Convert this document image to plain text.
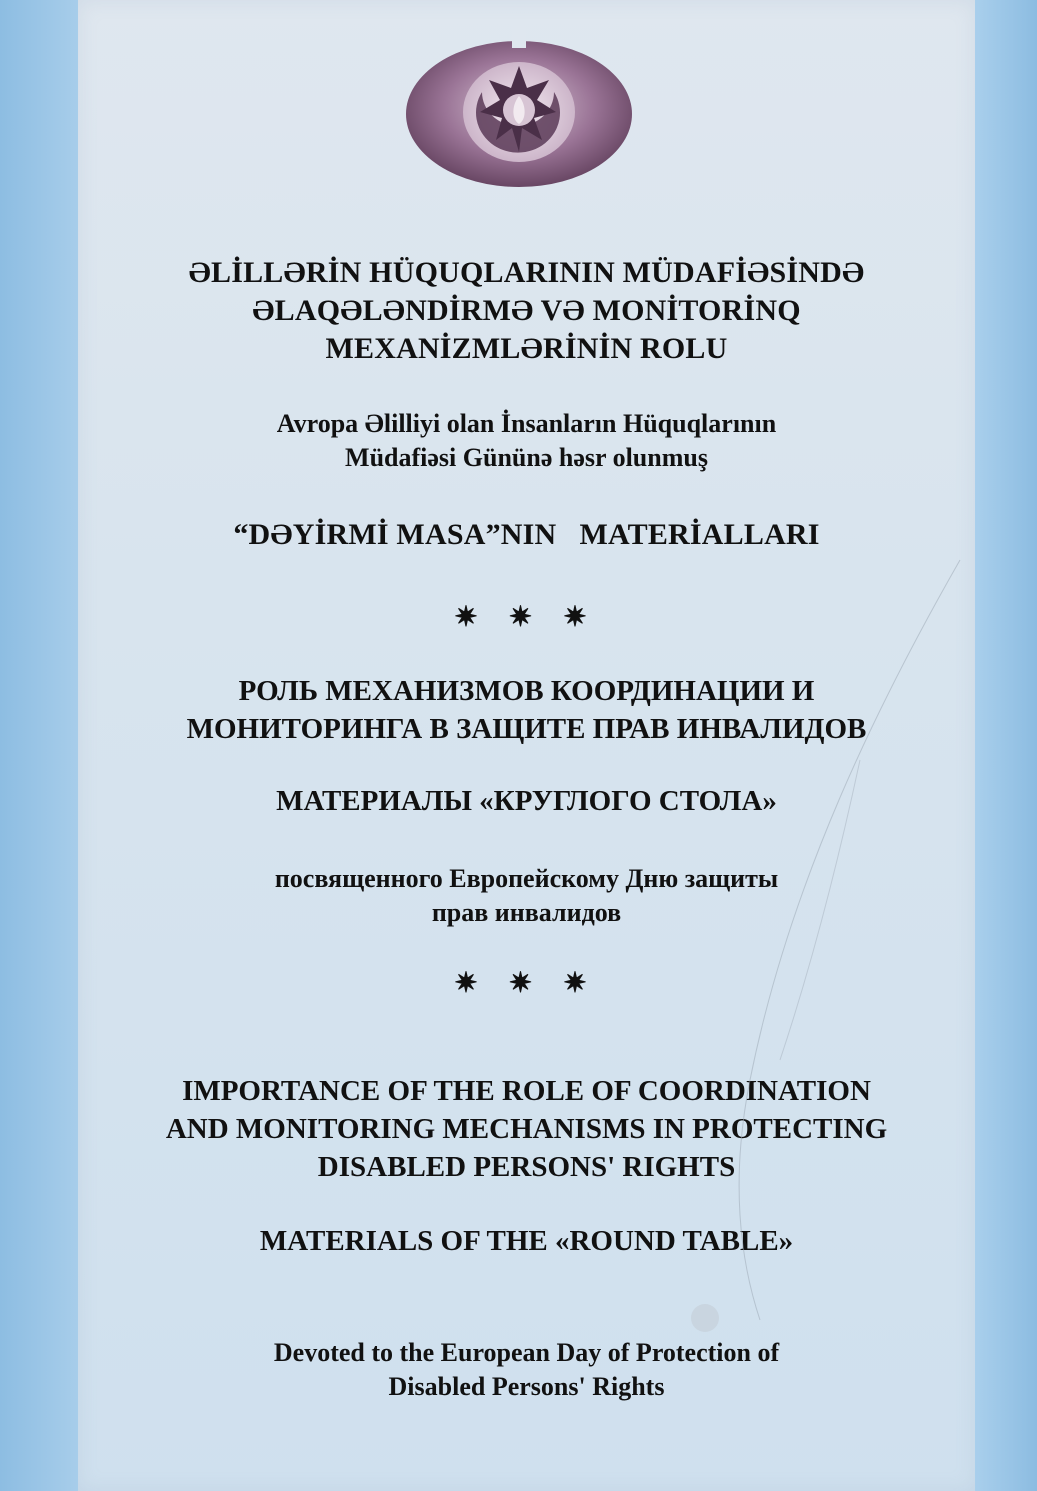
ƏLİLLƏRİN HÜQUQLARININ MÜDAFİƏSİNDƏ
ƏLAQƏLƏNDİRMƏ VƏ MONİTORİNQ
MEXANİZMLƏRİNİN ROLU
Avropa Əlilliyi olan İnsanların Hüquqlarının
Müdafiəsi Gününə həsr olunmuş
“DƏYİRMİ MASA”NIN   MATERİALLARI
✷ ✷ ✷
РОЛЬ МЕХАНИЗМОВ КООРДИНАЦИИ И
МОНИТОРИНГА В ЗАЩИТЕ ПРАВ ИНВАЛИДОВ
МАТЕРИАЛЫ «КРУГЛОГО СТОЛА»
посвященного Европейскому Дню защиты
прав инвалидов
✷ ✷ ✷
IMPORTANCE OF THE ROLE OF COORDINATION
AND MONITORING MECHANISMS IN PROTECTING
DISABLED PERSONS' RIGHTS
MATERIALS OF THE «ROUND TABLE»
Devoted to the European Day of Protection of
Disabled Persons' Rights
